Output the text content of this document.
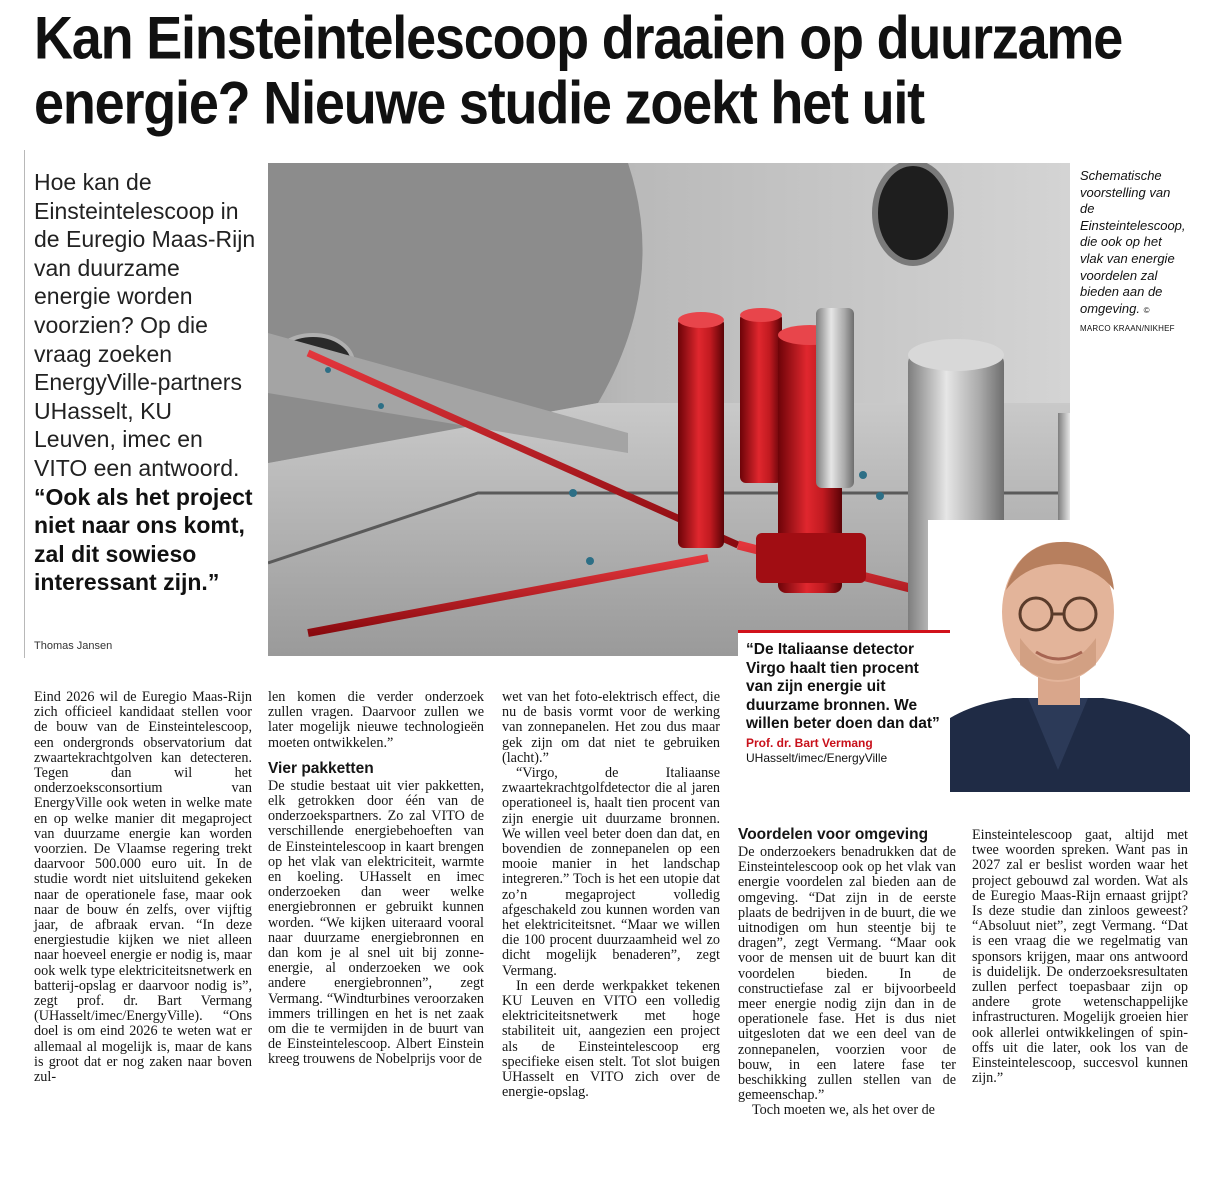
Kan Einsteintelescoop draaien op duurzame energie? Nieuwe studie zoekt het uit
Hoe kan de Einsteintelescoop in de Euregio Maas-Rijn van duurzame energie worden voorzien? Op die vraag zoeken EnergyVille-partners UHasselt, KU Leuven, imec en VITO een antwoord. “Ook als het project niet naar ons komt, zal dit sowieso interessant zijn.”
Thomas Jansen
Schematische voorstelling van de Einsteintelescoop, die ook op het vlak van energie voordelen zal bieden aan de omgeving. © MARCO KRAAN/NIKHEF
“De Italiaanse detector Virgo haalt tien procent van zijn energie uit duurzame bronnen. We willen beter doen dan dat”
Prof. dr. Bart Vermang
UHasselt/imec/EnergyVille

Eind 2026 wil de Euregio Maas-Rijn zich officieel kandidaat stellen voor de bouw van de Einsteintelescoop, een ondergronds observatorium dat zwaartekrachtgolven kan detecteren. Tegen dan wil het onderzoeksconsortium van EnergyVille ook weten in welke mate en op welke manier dit megaproject van duurzame energie kan worden voorzien. De Vlaamse regering trekt daarvoor 500.000 euro uit. In de studie wordt niet uitsluitend gekeken naar de operationele fase, maar ook naar de bouw én zelfs, over vijftig jaar, de afbraak ervan. “In deze energiestudie kijken we niet alleen naar hoeveel energie er nodig is, maar ook welk type elektriciteitsnetwerk en batterij-opslag er daarvoor nodig is”, zegt prof. dr. Bart Vermang (UHasselt/imec/EnergyVille). “Ons doel is om eind 2026 te weten wat er allemaal al mogelijk is, maar de kans is groot dat er nog zaken naar boven zul-

len komen die verder onderzoek zullen vragen. Daarvoor zullen we later mogelijk nieuwe technologieën moeten ontwikkelen.”

Vier pakketten

De studie bestaat uit vier pakketten, elk getrokken door één van de onderzoekspartners. Zo zal VITO de verschillende energiebehoeften van de Einsteintelescoop in kaart brengen op het vlak van elektriciteit, warmte en koeling. UHasselt en imec onderzoeken dan weer welke energiebronnen er gebruikt kunnen worden. “We kijken uiteraard vooral naar duurzame energiebronnen en dan kom je al snel uit bij zonne-energie, al onderzoeken we ook andere energiebronnen”, zegt Vermang. “Windturbines veroorzaken immers trillingen en het is net zaak om die te vermijden in de buurt van de Einsteintelescoop. Albert Einstein kreeg trouwens de Nobelprijs voor de

wet van het foto-elektrisch effect, die nu de basis vormt voor de werking van zonnepanelen. Het zou dus maar gek zijn om dat niet te gebruiken (lacht).”

“Virgo, de Italiaanse zwaartekrachtgolfdetector die al jaren operationeel is, haalt tien procent van zijn energie uit duurzame bronnen. We willen veel beter doen dan dat, en bovendien de zonnepanelen op een mooie manier in het landschap integreren.” Toch is het een utopie dat zo’n megaproject volledig afgeschakeld zou kunnen worden van het elektriciteitsnet. “Maar we willen die 100 procent duurzaamheid wel zo dicht mogelijk benaderen”, zegt Vermang.

In een derde werkpakket tekenen KU Leuven en VITO een volledig elektriciteitsnetwerk met hoge stabiliteit uit, aangezien een project als de Einsteintelescoop erg specifieke eisen stelt. Tot slot buigen UHasselt en VITO zich over de energie-opslag.

Voordelen voor omgeving

De onderzoekers benadrukken dat de Einsteintelescoop ook op het vlak van energie voordelen zal bieden aan de omgeving. “Dat zijn in de eerste plaats de bedrijven in de buurt, die we uitnodigen om hun steentje bij te dragen”, zegt Vermang. “Maar ook voor de mensen uit de buurt kan dit voordelen bieden. In de constructiefase zal er bijvoorbeeld meer energie nodig zijn dan in de operationele fase. Het is dus niet uitgesloten dat we een deel van de zonnepanelen, voorzien voor de bouw, in een latere fase ter beschikking zullen stellen van de gemeenschap.”

Toch moeten we, als het over de

Einsteintelescoop gaat, altijd met twee woorden spreken. Want pas in 2027 zal er beslist worden waar het project gebouwd zal worden. Wat als de Euregio Maas-Rijn ernaast grijpt? Is deze studie dan zinloos geweest? “Absoluut niet”, zegt Vermang. “Dat is een vraag die we regelmatig van sponsors krijgen, maar ons antwoord is duidelijk. De onderzoeksresultaten zullen perfect toepasbaar zijn op andere grote wetenschappelijke infrastructuren. Mogelijk groeien hier ook allerlei ontwikkelingen of spin-offs uit die later, ook los van de Einsteintelescoop, succesvol kunnen zijn.”
